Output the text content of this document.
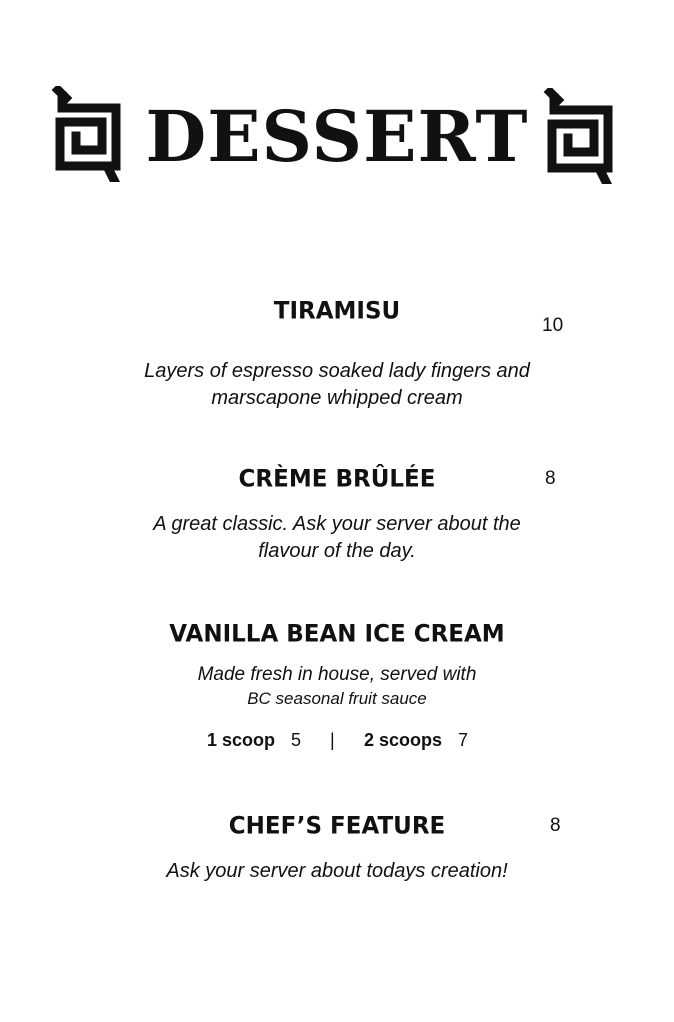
DESSERT
TIRAMISU
10
Layers of espresso soaked lady fingers and
marscapone whipped cream
CRÈME BRÛLÉE	8
A great classic. Ask your server about the
flavour of the day.
VANILLA BEAN ICE CREAM
Made fresh in house, served with
BC seasonal fruit sauce
1 scoop 5 | 2 scoops 7
CHEF’S FEATURE	8
Ask your server about todays creation!
